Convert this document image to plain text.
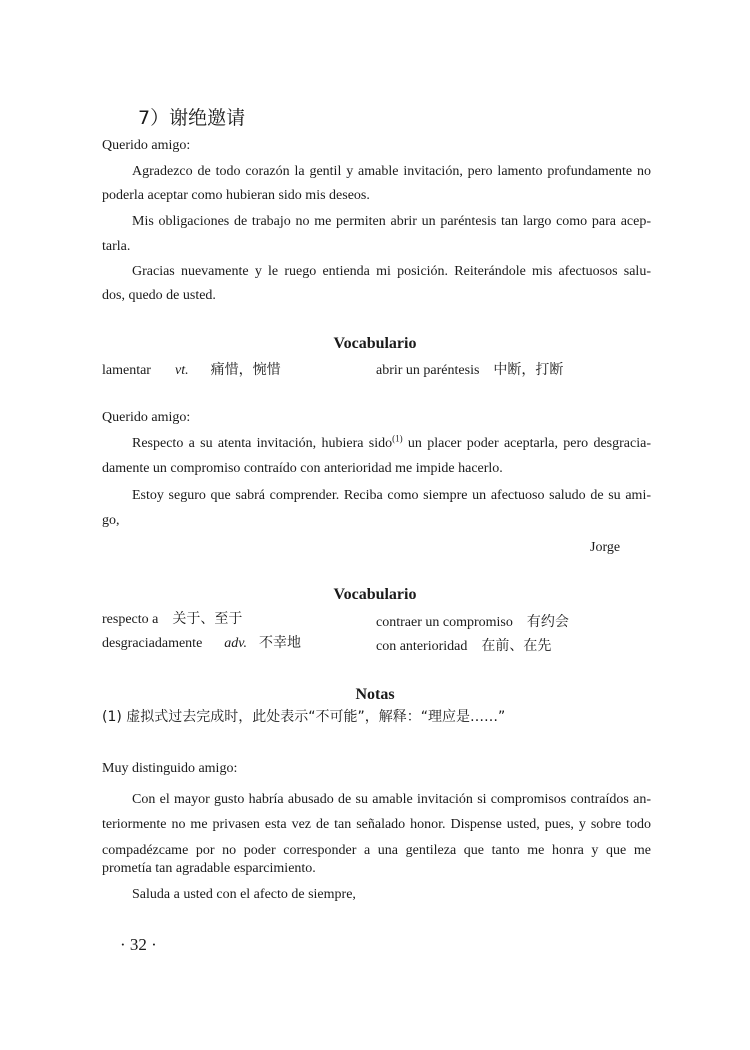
7）谢绝邀请
Querido amigo:
Agradezco de todo corazón la gentil y amable invitación, pero lamento profundamente no
poderla aceptar como hubieran sido mis deseos.
Mis obligaciones de trabajo no me permiten abrir un paréntesis tan largo como para acep-
tarla.
Gracias nuevamente y le ruego entienda mi posición. Reiterándole mis afectuosos salu-
dos, quedo de usted.
Vocabulario
lamentar vt. 痛惜，惋惜	abrir un paréntesis 中断，打断
Querido amigo:
Respecto a su atenta invitación, hubiera sido$^{(1)}$ un placer poder aceptarla, pero desgracia-
damente un compromiso contraído con anterioridad me impide hacerlo.
Estoy seguro que sabrá comprender. Reciba como siempre un afectuoso saludo de su ami-
go,
Jorge
Vocabulario
respecto a 关于、至于	contraer un compromiso 有约会
desgraciadamente adv. 不幸地	con anterioridad 在前、在先
Notas
(1) 虚拟式过去完成时，此处表示“不可能”，解释：“理应是……”
Muy distinguido amigo:
Con el mayor gusto habría abusado de su amable invitación si compromisos contraídos an-
teriormente no me privasen esta vez de tan señalado honor. Dispense usted, pues, y sobre todo
compadézcame por no poder corresponder a una gentileza que tanto me honra y que me
prometía tan agradable esparcimiento.
Saluda a usted con el afecto de siempre,
· 32 ·
